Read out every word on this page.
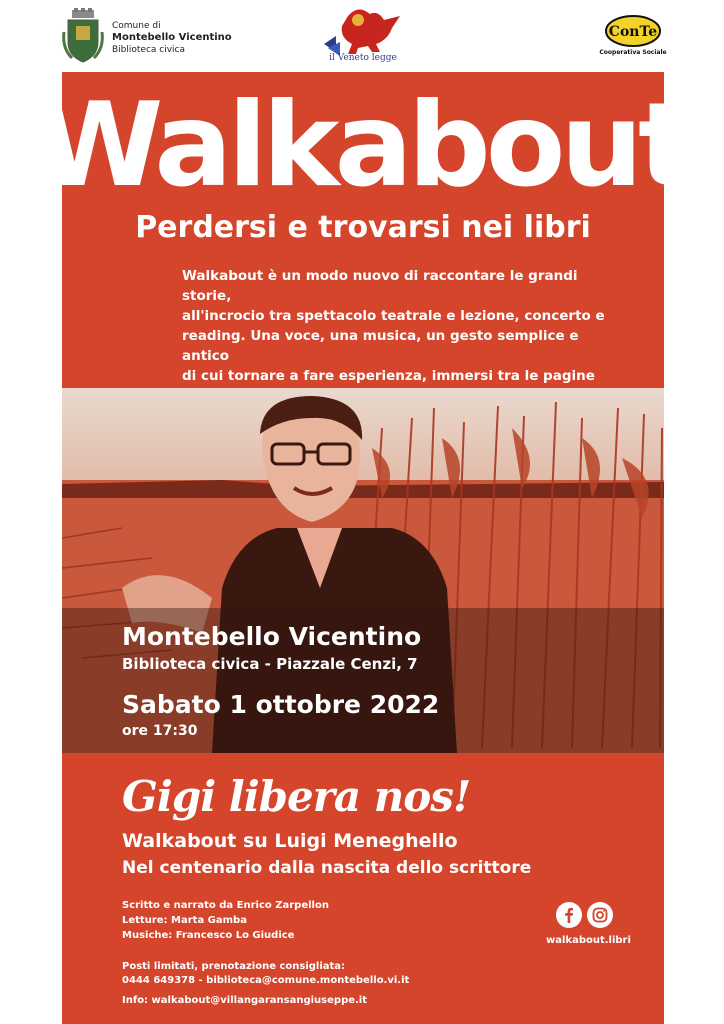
Comune di
Montebello Vicentino
Biblioteca civica
il Veneto legge
ConTe
Cooperativa Sociale
Walkabout
Perdersi e trovarsi nei libri
Walkabout è un modo nuovo di raccontare le grandi storie,
all'incrocio tra spettacolo teatrale e lezione, concerto e
reading. Una voce, una musica, un gesto semplice e antico
di cui tornare a fare esperienza, immersi tra le pagine
Montebello Vicentino
Biblioteca civica - Piazzale Cenzi, 7
Sabato 1 ottobre 2022
ore 17:30
Gigi libera nos!
Walkabout su Luigi Meneghello
Nel centenario dalla nascita dello scrittore
Scritto e narrato da Enrico Zarpellon
Letture: Marta Gamba
Musiche: Francesco Lo Giudice	walkabout.libri
Posti limitati, prenotazione consigliata:
0444 649378 - biblioteca@comune.montebello.vi.it
Info: walkabout@villangaransangiuseppe.it
